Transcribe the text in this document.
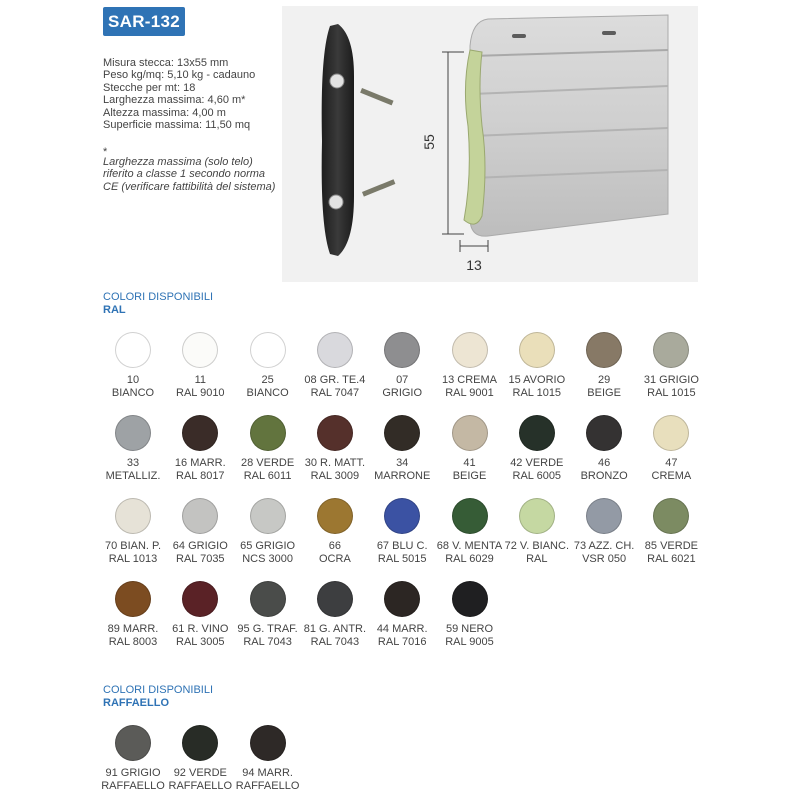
SAR-132
Misura stecca: 13x55 mm
Peso kg/mq: 5,10 kg - cadauno
Stecche per mt: 18
Larghezza massima: 4,60 m*
Altezza massima: 4,00 m
Superficie massima: 11,50 mq
*
Larghezza massima (solo telo) riferito a classe 1 secondo norma CE (verificare fattibilità del sistema)
55
13
COLORI DISPONIBILI
RAL
10
BIANCO
11
RAL 9010
25
BIANCO
08 GR. TE.4
RAL 7047
07
GRIGIO
13 CREMA
RAL 9001
15 AVORIO
RAL 1015
29
BEIGE
31 GRIGIO
RAL 1015
33
METALLIZ.
16 MARR.
RAL 8017
28 VERDE
RAL 6011
30 R. MATT.
RAL 3009
34
MARRONE
41
BEIGE
42 VERDE
RAL 6005
46
BRONZO
47
CREMA
70 BIAN. P.
RAL 1013
64 GRIGIO
RAL 7035
65 GRIGIO
NCS 3000
66
OCRA
67 BLU C.
RAL 5015
68 V. MENTA
RAL 6029
72 V. BIANC.
RAL
73 AZZ. CH.
VSR 050
85 VERDE
RAL 6021
89 MARR.
RAL 8003
61 R. VINO
RAL 3005
95 G. TRAF.
RAL 7043
81 G. ANTR.
RAL 7043
44 MARR.
RAL 7016
59 NERO
RAL 9005
COLORI DISPONIBILI
RAFFAELLO
91 GRIGIO
RAFFAELLO
92 VERDE
RAFFAELLO
94 MARR.
RAFFAELLO
